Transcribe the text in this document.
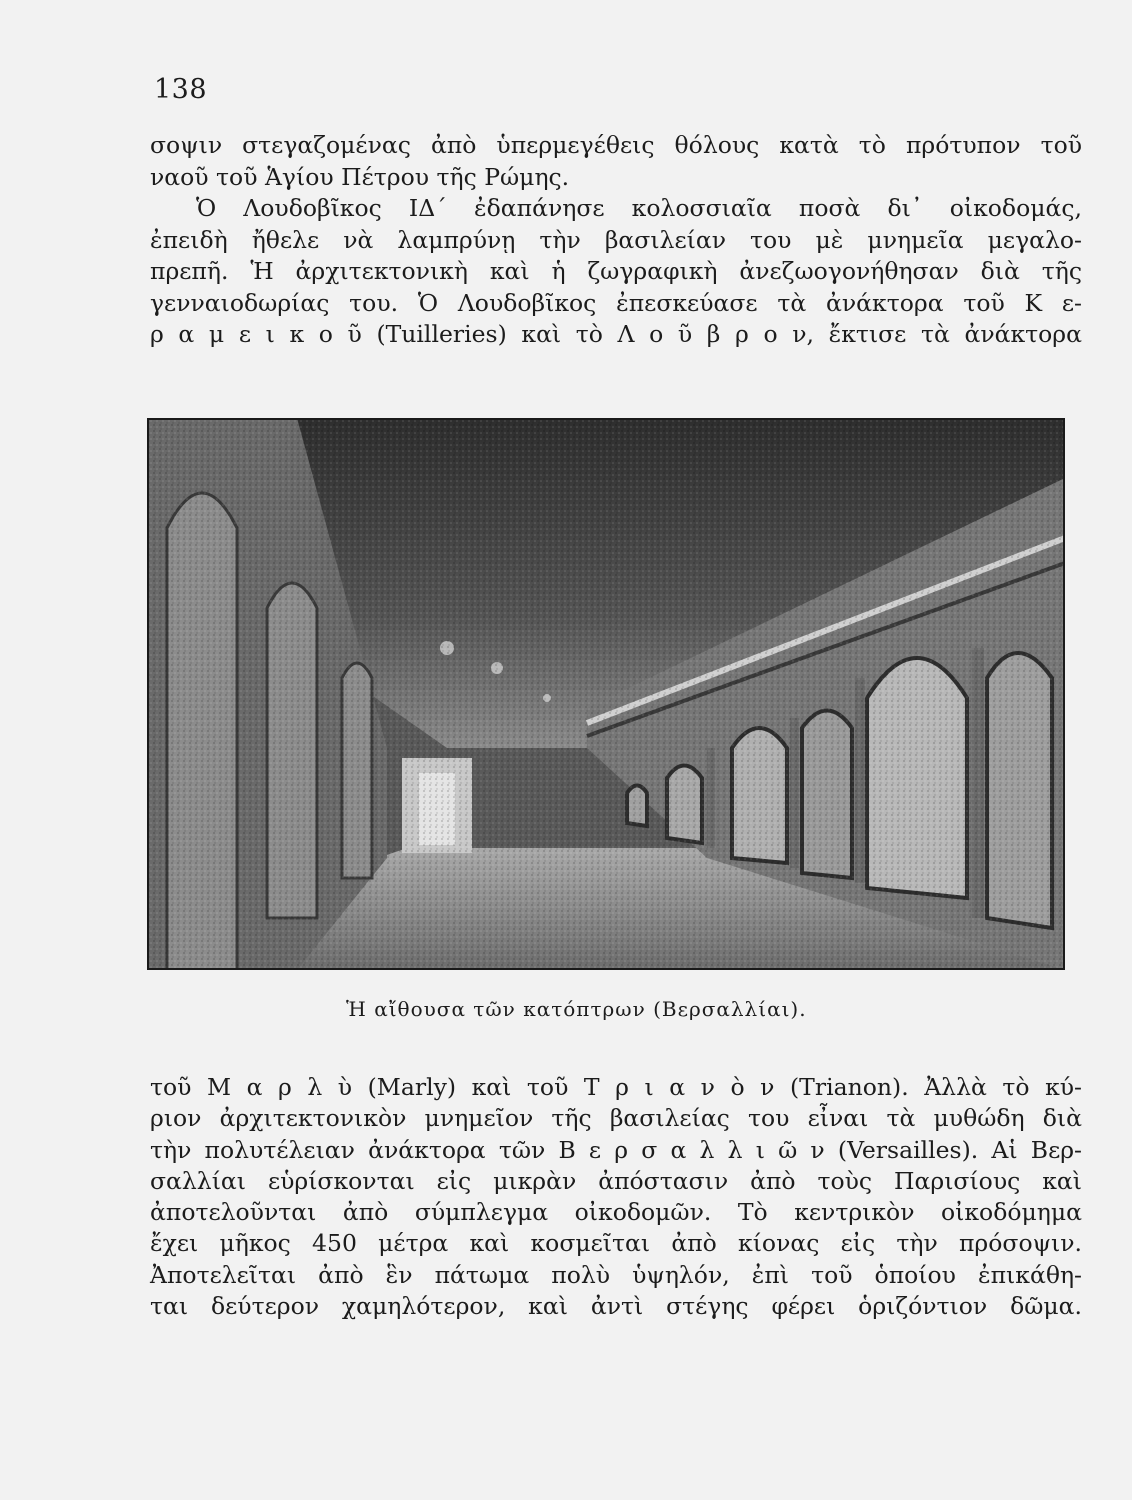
138
σοψιν στεγαζομένας ἀπὸ ὑπερμεγέθεις θόλους κατὰ τὸ πρότυπον τοῦ
ναοῦ τοῦ Ἁγίου Πέτρου τῆς Ρώμης.
Ὁ Λουδοβῖκος ΙΔ΄ ἐδαπάνησε κολοσσιαῖα ποσὰ δι᾽ οἰκοδομάς,
ἐπειδὴ ἤθελε νὰ λαμπρύνῃ τὴν βασιλείαν του μὲ μνημεῖα μεγαλο-
πρεπῆ. Ἡ ἀρχιτεκτονικὴ καὶ ἡ ζωγραφικὴ ἀνεζωογονήθησαν διὰ τῆς
γενναιοδωρίας του. Ὁ Λουδοβῖκος ἐπεσκεύασε τὰ ἀνάκτορα τοῦ Κ ε-
ρ α μ ε ι κ ο ῦ (Tuilleries) καὶ τὸ Λ ο ῦ β ρ ο ν, ἔκτισε τὰ ἀνάκτορα
Ἡ αἴθουσα τῶν κατόπτρων (Βερσαλλίαι).
τοῦ Μ α ρ λ ὺ (Marly) καὶ τοῦ Τ ρ ι α ν ὸ ν (Trianon). Ἀλλὰ τὸ κύ-
ριον ἀρχιτεκτονικὸν μνημεῖον τῆς βασιλείας του εἶναι τὰ μυθώδη διὰ
τὴν πολυτέλειαν ἀνάκτορα τῶν Β ε ρ σ α λ λ ι ῶ ν (Versailles). Αἱ Βερ-
σαλλίαι εὑρίσκονται εἰς μικρὰν ἀπόστασιν ἀπὸ τοὺς Παρισίους καὶ
ἀποτελοῦνται ἀπὸ σύμπλεγμα οἰκοδομῶν. Τὸ κεντρικὸν οἰκοδόμημα
ἔχει μῆκος 450 μέτρα καὶ κοσμεῖται ἀπὸ κίονας εἰς τὴν πρόσοψιν.
Ἀποτελεῖται ἀπὸ ἓν πάτωμα πολὺ ὑψηλόν, ἐπὶ τοῦ ὁποίου ἐπικάθη-
ται δεύτερον χαμηλότερον, καὶ ἀντὶ στέγης φέρει ὁριζόντιον δῶμα.
